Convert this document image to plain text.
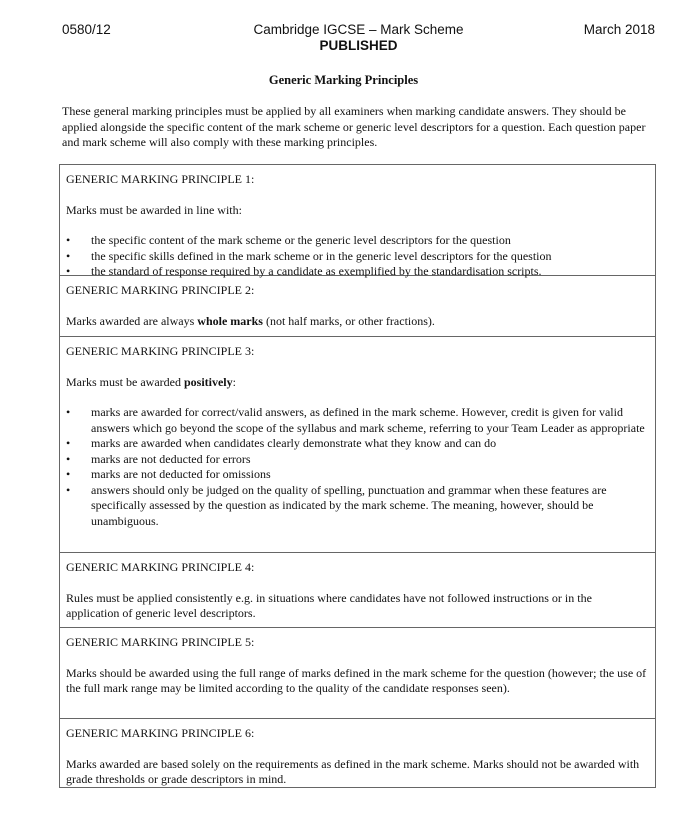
0580/12	Cambridge IGCSE – Mark Scheme
PUBLISHED
March 2018
Generic Marking Principles
These general marking principles must be applied by all examiners when marking candidate answers. They should be applied alongside the specific content of the mark scheme or generic level descriptors for a question. Each question paper and mark scheme will also comply with these marking principles.
GENERIC MARKING PRINCIPLE 1:
Marks must be awarded in line with:
• the specific content of the mark scheme or the generic level descriptors for the question
• the specific skills defined in the mark scheme or in the generic level descriptors for the question
• the standard of response required by a candidate as exemplified by the standardisation scripts.
GENERIC MARKING PRINCIPLE 2:
Marks awarded are always whole marks (not half marks, or other fractions).
GENERIC MARKING PRINCIPLE 3:
Marks must be awarded positively:
• marks are awarded for correct/valid answers, as defined in the mark scheme. However, credit is given for valid answers which go beyond the scope of the syllabus and mark scheme, referring to your Team Leader as appropriate
• marks are awarded when candidates clearly demonstrate what they know and can do
• marks are not deducted for errors
• marks are not deducted for omissions
• answers should only be judged on the quality of spelling, punctuation and grammar when these features are specifically assessed by the question as indicated by the mark scheme. The meaning, however, should be unambiguous.
GENERIC MARKING PRINCIPLE 4:
Rules must be applied consistently e.g. in situations where candidates have not followed instructions or in the application of generic level descriptors.
GENERIC MARKING PRINCIPLE 5:
Marks should be awarded using the full range of marks defined in the mark scheme for the question (however; the use of the full mark range may be limited according to the quality of the candidate responses seen).
GENERIC MARKING PRINCIPLE 6:
Marks awarded are based solely on the requirements as defined in the mark scheme. Marks should not be awarded with grade thresholds or grade descriptors in mind.
